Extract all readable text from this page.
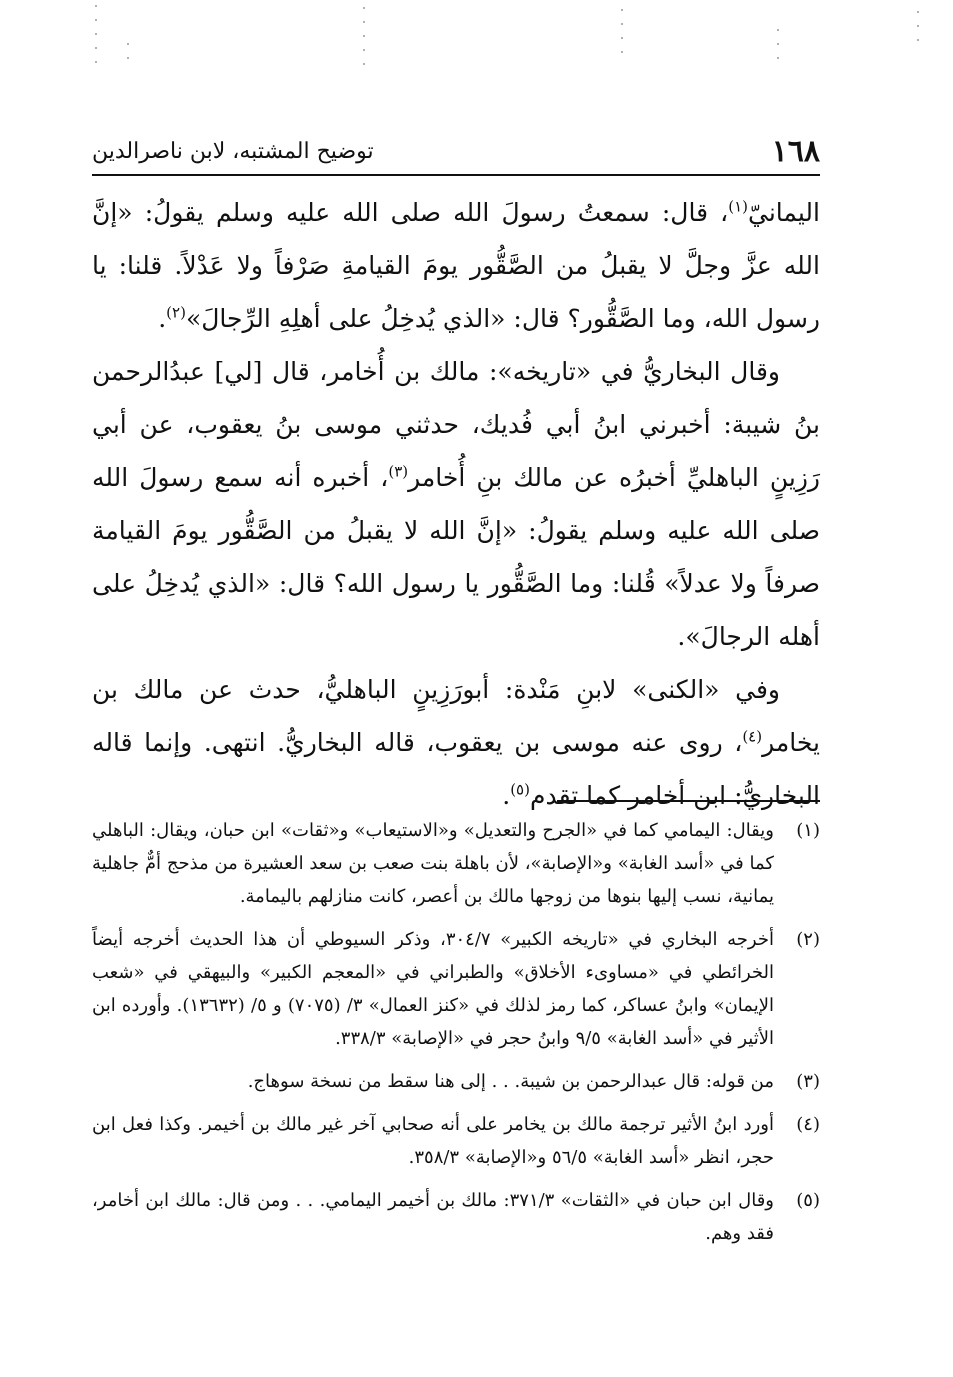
١٦٨
توضيح المشتبه، لابن ناصرالدين

اليمانيّ$^{(١)}$، قال: سمعتُ رسولَ الله صلى الله عليه وسلم يقولُ: «إنَّ الله عزَّ وجلَّ لا يقبلُ من الصَّقُّور يومَ القيامةِ صَرْفاً ولا عَدْلاً. قلنا: يا رسول الله، وما الصَّقُّور؟ قال: «الذي يُدخِلُ على أهلِهِ الرِّجالَ»$^{(٢)}$.

وقال البخاريُّ في «تاريخه»: مالك بن أُخامر، قال [لي] عبدُالرحمن بنُ شيبة: أخبرني ابنُ أبي فُديك، حدثني موسى بنُ يعقوب، عن أبي رَزِينٍ الباهليِّ أخبرُه عن مالك بنِ أُخامر$^{(٣)}$، أخبره أنه سمع رسولَ الله صلى الله عليه وسلم يقولُ: «إنَّ الله لا يقبلُ من الصَّقُّور يومَ القيامة صرفاً ولا عدلاً» قُلنا: وما الصَّقُّور يا رسول الله؟ قال: «الذي يُدخِلُ على أهله الرجالَ».

وفي «الكنى» لابنِ مَنْدة: أبورَزِينٍ الباهليُّ، حدث عن مالك بن يخامر$^{(٤)}$، روى عنه موسى بن يعقوب، قاله البخاريُّ. انتهى. وإنما قاله البخاريُّ: ابن أخامر كما تقدم$^{(٥)}$.

(١)
ويقال: اليمامي كما في «الجرح والتعديل» و«الاستيعاب» و«ثقات» ابن حبان، ويقال: الباهلي كما في «أسد الغابة» و«الإصابة»، لأن باهلة بنت صعب بن سعد العشيرة من مذحج أمٌّ جاهلية يمانية، نسب إليها بنوها من زوجها مالك بن أعصر، كانت منازلهم باليمامة.
(٢)
أخرجه البخاري في «تاريخه الكبير» ٣٠٤/٧، وذكر السيوطي أن هذا الحديث أخرجه أيضاً الخرائطي في «مساوىء الأخلاق» والطبراني في «المعجم الكبير» والبيهقي في «شعب الإيمان» وابنُ عساكر، كما رمز لذلك في «كنز العمال» ٣/ (٧٠٧٥) و ٥/ (١٣٦٣٢). وأورده ابن الأثير في «أسد الغابة» ٩/٥ وابنُ حجر في «الإصابة» ٣٣٨/٣.
(٣)
من قوله: قال عبدالرحمن بن شيبة. . . إلى هنا سقط من نسخة سوهاج.
(٤)
أورد ابنُ الأثير ترجمة مالك بن يخامر على أنه صحابي آخر غير مالك بن أخيمر. وكذا فعل ابن حجر، انظر «أسد الغابة» ٥٦/٥ و«الإصابة» ٣٥٨/٣.
(٥)
وقال ابن حبان في «الثقات» ٣٧١/٣: مالك بن أخيمر اليمامي. . . ومن قال: مالك ابن أخامر، فقد وهم.
